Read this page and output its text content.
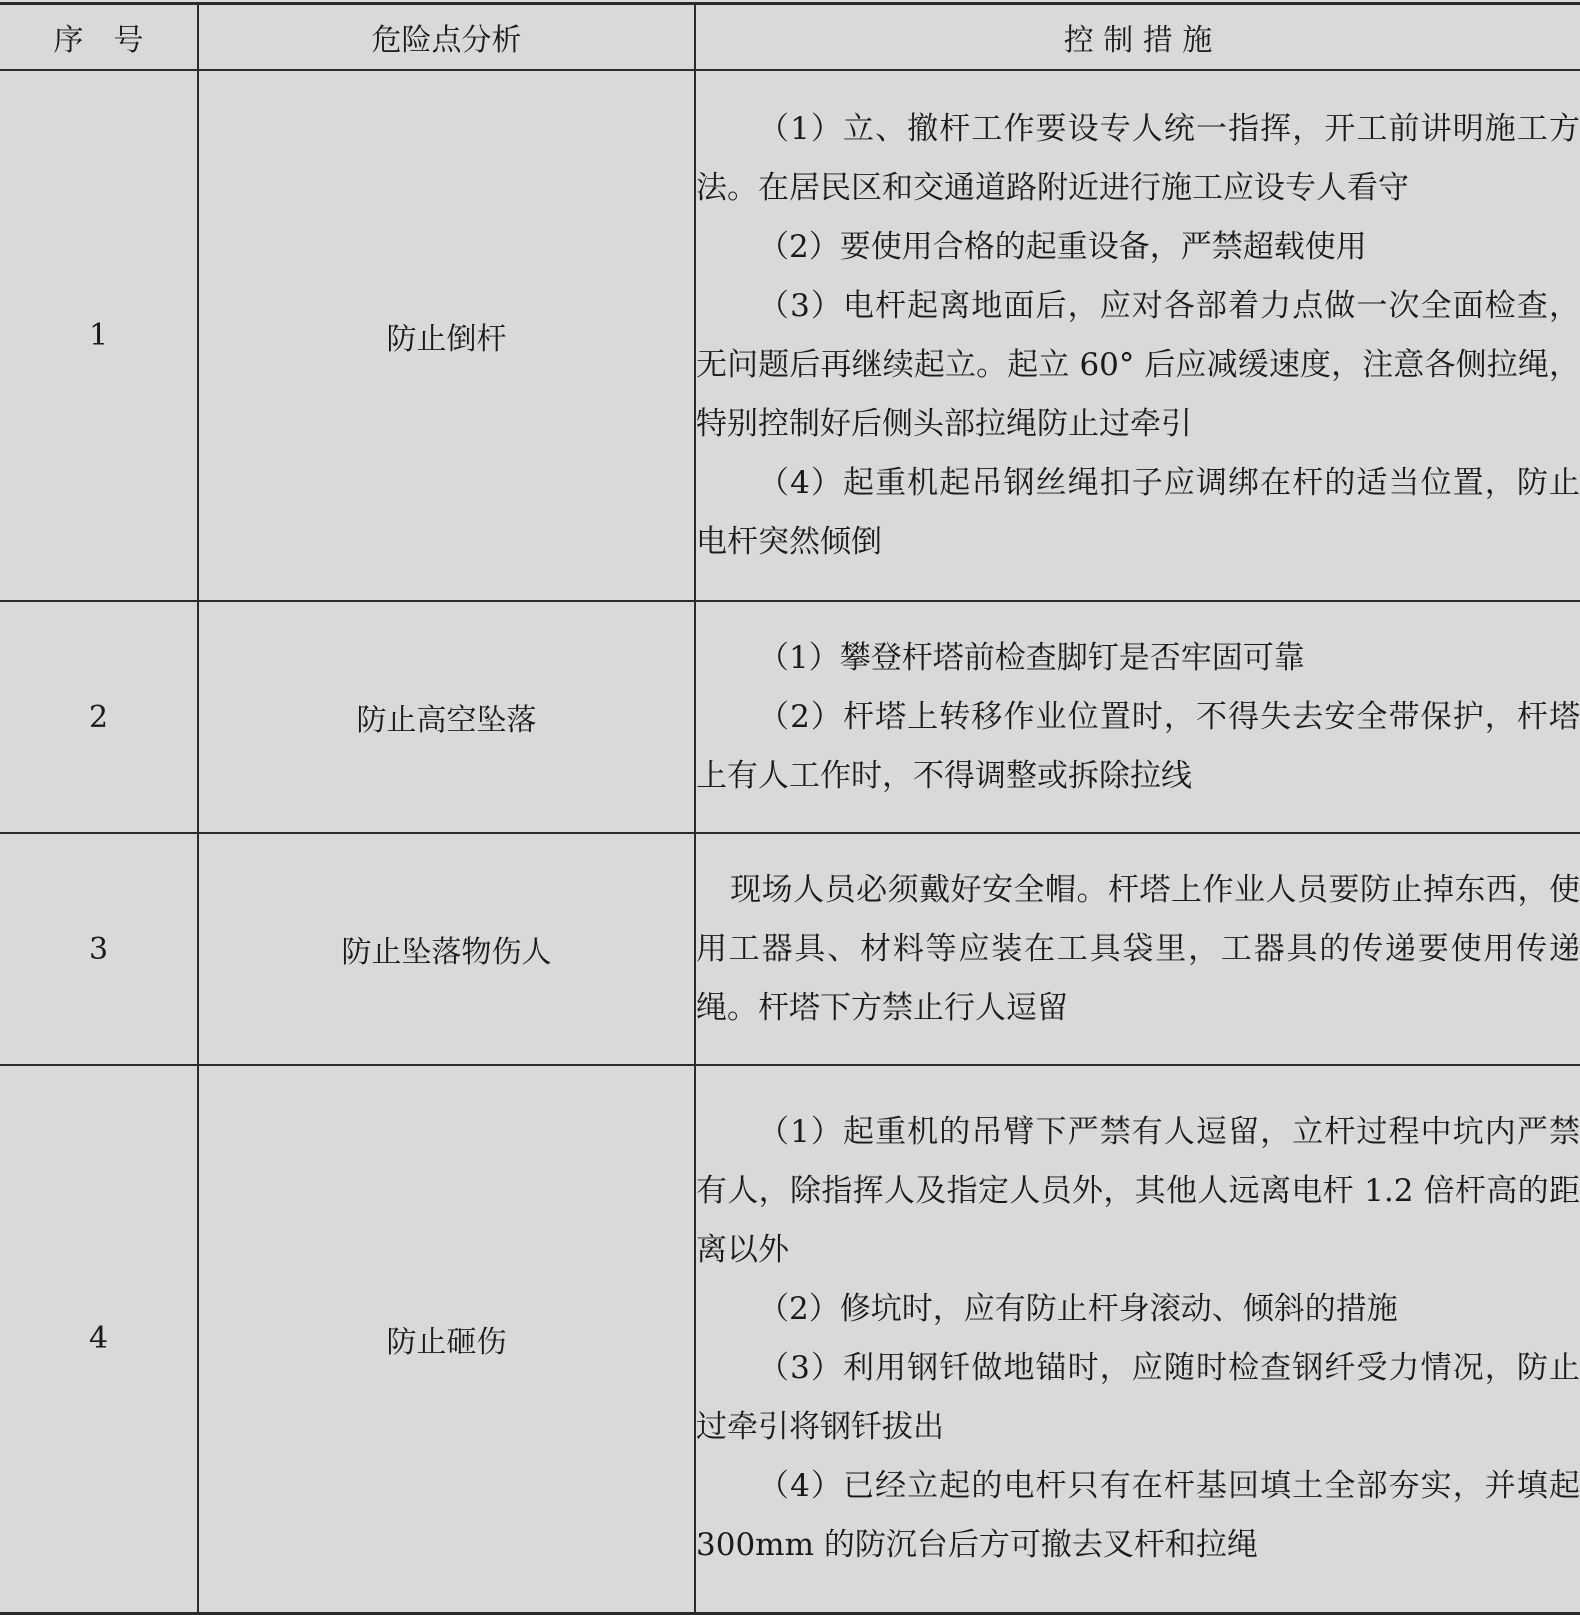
序　号	危险点分析	控 制 措 施
1	防止倒杆	（1）立、撤杆工作要设专人统一指挥，开工前讲明施工方法。在居民区和交通道路附近进行施工应设专人看守
（2）要使用合格的起重设备，严禁超载使用
（3）电杆起离地面后，应对各部着力点做一次全面检查，无问题后再继续起立。起立 60° 后应减缓速度，注意各侧拉绳，特别控制好后侧头部拉绳防止过牵引
（4）起重机起吊钢丝绳扣子应调绑在杆的适当位置，防止电杆突然倾倒

2	防止高空坠落	（1）攀登杆塔前检查脚钉是否牢固可靠
（2）杆塔上转移作业位置时，不得失去安全带保护，杆塔上有人工作时，不得调整或拆除拉线

3	防止坠落物伤人	现场人员必须戴好安全帽。杆塔上作业人员要防止掉东西，使用工器具、材料等应装在工具袋里，工器具的传递要使用传递绳。杆塔下方禁止行人逗留

4	防止砸伤	（1）起重机的吊臂下严禁有人逗留，立杆过程中坑内严禁有人，除指挥人及指定人员外，其他人远离电杆 1.2 倍杆高的距离以外
（2）修坑时，应有防止杆身滚动、倾斜的措施
（3）利用钢钎做地锚时，应随时检查钢纤受力情况，防止过牵引将钢钎拔出
（4）已经立起的电杆只有在杆基回填土全部夯实，并填起 300mm 的防沉台后方可撤去叉杆和拉绳
